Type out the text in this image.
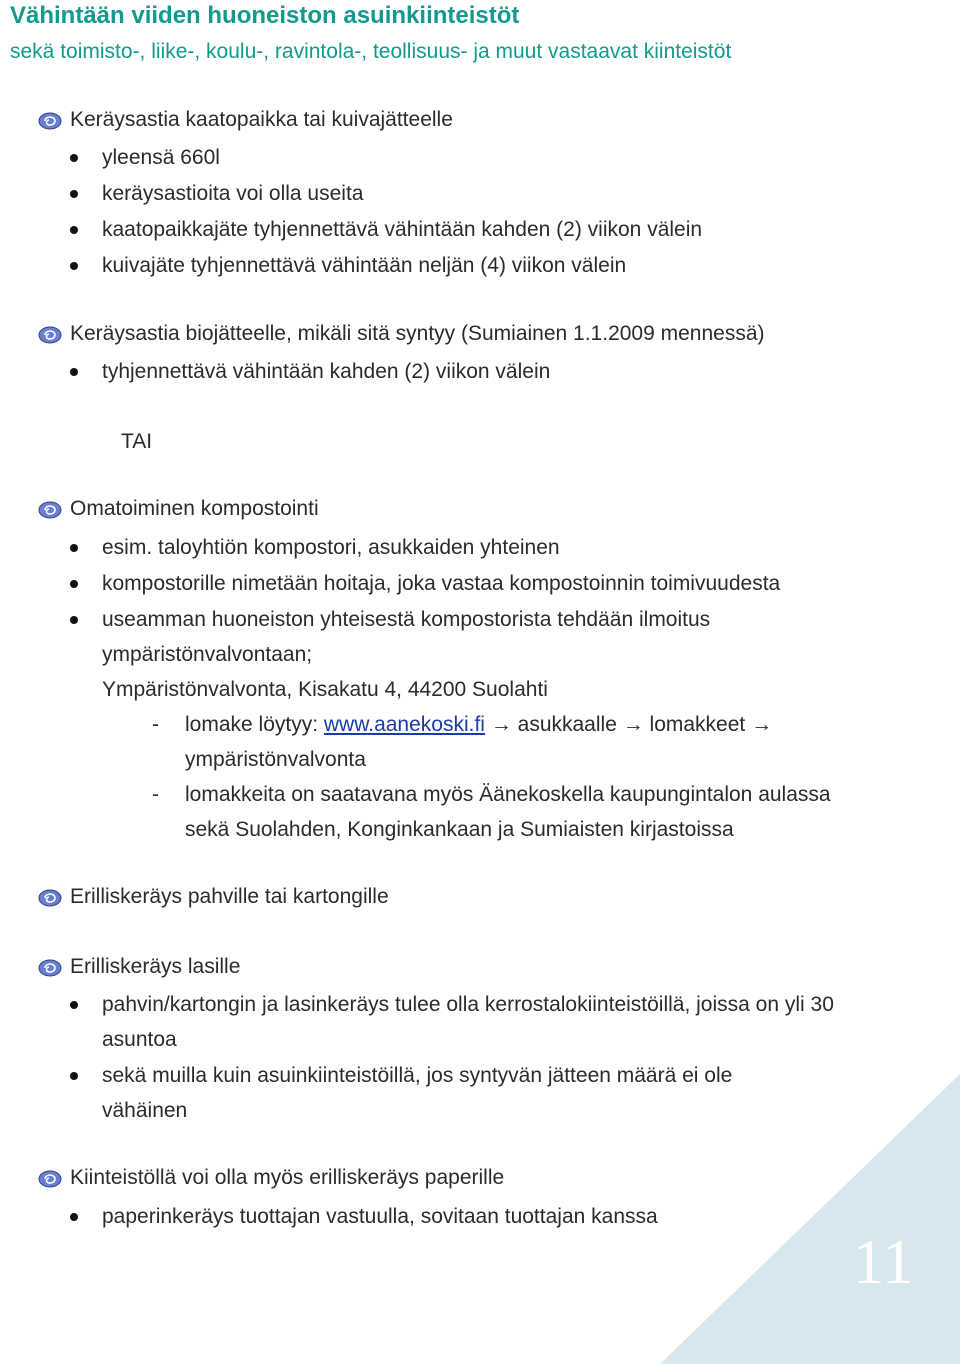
11
Vähintään viiden huoneiston asuinkiinteistöt

sekä toimisto-, liike-, koulu-, ravintola-, teollisuus- ja muut vastaavat kiinteistöt

Keräysastia kaatopaikka tai kuivajätteelle
yleensä 660l
keräysastioita voi olla useita
kaatopaikkajäte tyhjennettävä vähintään kahden (2) viikon välein
kuivajäte tyhjennettävä vähintään neljän (4) viikon välein
Keräysastia biojätteelle, mikäli sitä syntyy (Sumiainen 1.1.2009 mennessä)
tyhjennettävä vähintään kahden (2) viikon välein
TAI
Omatoiminen kompostointi
esim. taloyhtiön kompostori, asukkaiden yhteinen
kompostorille nimetään hoitaja, joka vastaa kompostoinnin toimivuudesta
useamman huoneiston yhteisestä kompostorista tehdään ilmoitus ympäristönvalvontaan;
Ympäristönvalvonta, Kisakatu 4, 44200 Suolahti
- lomake löytyy: www.aanekoski.fi → asukkaalle → lomakkeet →
ympäristönvalvonta
- lomakkeita on saatavana myös Äänekoskella kaupungintalon aulassa sekä Suolahden, Konginkankaan ja Sumiaisten kirjastoissa
Erilliskeräys pahville tai kartongille
Erilliskeräys lasille
pahvin/kartongin ja lasinkeräys tulee olla kerrostalokiinteistöillä, joissa on yli 30 asuntoa
sekä muilla kuin asuinkiinteistöillä, jos syntyvän jätteen määrä ei ole vähäinen
Kiinteistöllä voi olla myös erilliskeräys paperille
paperinkeräys tuottajan vastuulla, sovitaan tuottajan kanssa
